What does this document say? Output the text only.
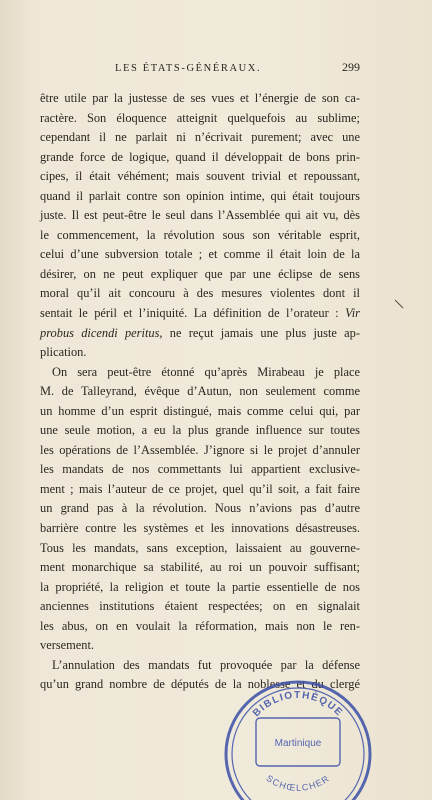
LES ÉTATS-GÉNÉRAUX.	299
être utile par la justesse de ses vues et l’énergie de son ca-
ractère. Son éloquence atteignit quelquefois au sublime;
cependant il ne parlait ni n’écrivait purement; avec une
grande force de logique, quand il développait de bons prin-
cipes, il était véhément; mais souvent trivial et repoussant,
quand il parlait contre son opinion intime, qui était toujours
juste. Il est peut-être le seul dans l’Assemblée qui ait vu, dès
le commencement, la révolution sous son véritable esprit,
celui d’une subversion totale ; et comme il était loin de la
désirer, on ne peut expliquer que par une éclipse de sens
moral qu’il ait concouru à des mesures violentes dont il
sentait le péril et l’iniquité. La définition de l’orateur : Vir
probus dicendi peritus, ne reçut jamais une plus juste ap-
plication.
On sera peut-être étonné qu’après Mirabeau je place
M. de Talleyrand, évêque d’Autun, non seulement comme
un homme d’un esprit distingué, mais comme celui qui, par
une seule motion, a eu la plus grande influence sur toutes
les opérations de l’Assemblée. J’ignore si le projet d’annuler
les mandats de nos commettants lui appartient exclusive-
ment ; mais l’auteur de ce projet, quel qu’il soit, a fait faire
un grand pas à la révolution. Nous n’avions pas d’autre
barrière contre les systèmes et les innovations désastreuses.
Tous les mandats, sans exception, laissaient au gouverne-
ment monarchique sa stabilité, au roi un pouvoir suffisant;
la propriété, la religion et toute la partie essentielle de nos
anciennes institutions étaient respectées; on en signalait
les abus, on en voulait la réformation, mais non le ren-
versement.
L’annulation des mandats fut provoquée par la défense
qu’un grand nombre de députés de la noblesse et du clergé
BIBLIOTHÈQUE
Martinique
SCHŒLCHER
